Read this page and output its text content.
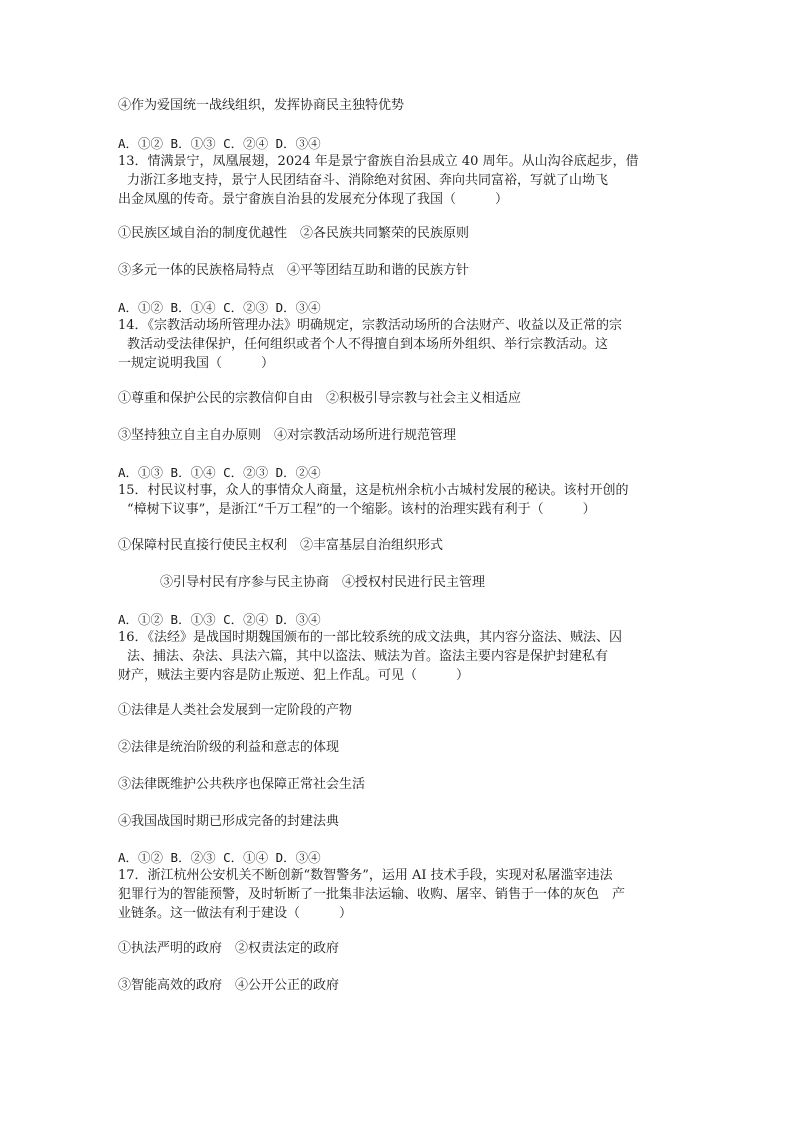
④作为爱国统一战线组织，发挥协商民主独特优势
A．①② B．①③ C．②④ D．③④

13．情满景宁，凤凰展翅，2024 年是景宁畲族自治县成立 40 周年。从山沟谷底起步，借

力浙江多地支持，景宁人民团结奋斗、消除绝对贫困、奔向共同富裕，写就了山坳飞

出金凤凰的传奇。景宁畲族自治县的发展充分体现了我国（　　　）

①民族区域自治的制度优越性　②各民族共同繁荣的民族原则
③多元一体的民族格局特点　④平等团结互助和谐的民族方针
A．①② B．①④ C．②③ D．③④

14．《宗教活动场所管理办法》明确规定，宗教活动场所的合法财产、收益以及正常的宗

教活动受法律保护，任何组织或者个人不得擅自到本场所外组织、举行宗教活动。这

一规定说明我国（　　　）

①尊重和保护公民的宗教信仰自由　②积极引导宗教与社会主义相适应
③坚持独立自主自办原则　④对宗教活动场所进行规范管理
A．①③ B．①④ C．②③ D．②④

15．村民议村事，众人的事情众人商量，这是杭州余杭小古城村发展的秘诀。该村开创的

“樟树下议事”，是浙江“千万工程”的一个缩影。该村的治理实践有利于（　　　）

①保障村民直接行使民主权利　②丰富基层自治组织形式
③引导村民有序参与民主协商　④授权村民进行民主管理
A．①② B．①③ C．②④ D．③④

16．《法经》是战国时期魏国颁布的一部比较系统的成文法典，其内容分盗法、贼法、囚

法、捕法、杂法、具法六篇，其中以盗法、贼法为首。盗法主要内容是保护封建私有

财产，贼法主要内容是防止叛逆、犯上作乱。可见（　　　）

①法律是人类社会发展到一定阶段的产物
②法律是统治阶级的利益和意志的体现
③法律既维护公共秩序也保障正常社会生活
④我国战国时期已形成完备的封建法典
A．①② B．②③ C．①④ D．③④

17．浙江杭州公安机关不断创新“数智警务”，运用 AI 技术手段，实现对私屠滥宰违法

犯罪行为的智能预警，及时斩断了一批集非法运输、收购、屠宰、销售于一体的灰色　产

业链条。这一做法有利于建设（　　　）

①执法严明的政府　②权责法定的政府
③智能高效的政府　④公开公正的政府
